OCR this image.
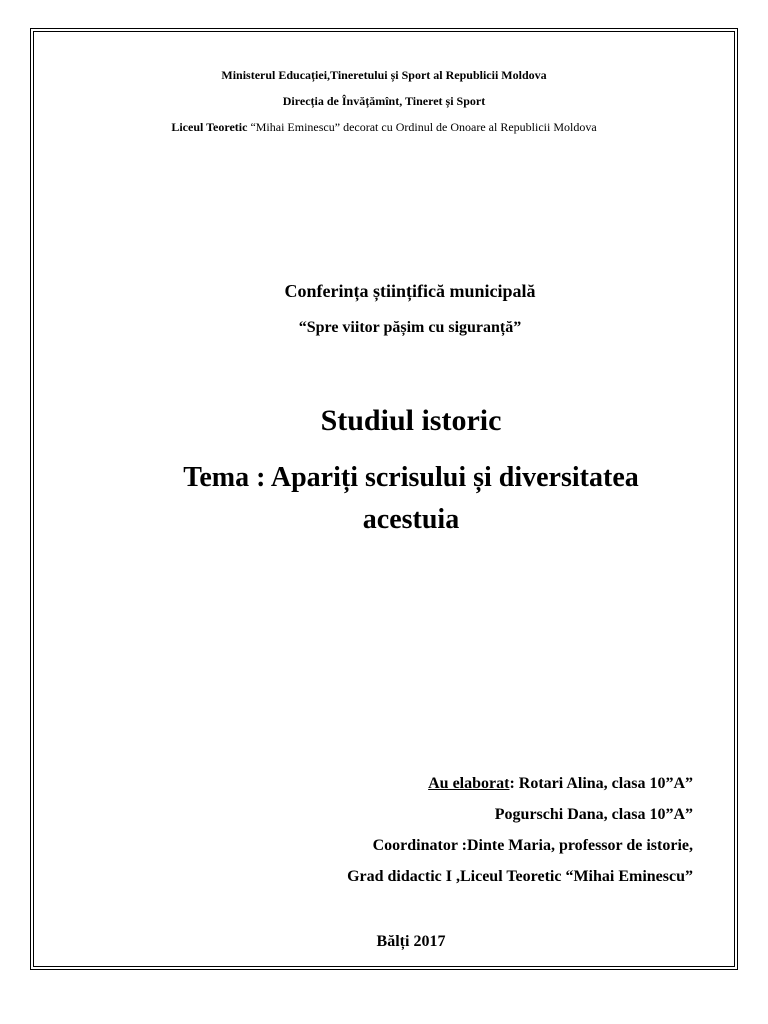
Ministerul Educației,Tineretului și Sport al Republicii Moldova
Direcția de Învățămînt, Tineret și Sport
Liceul Teoretic “Mihai Eminescu” decorat cu Ordinul de Onoare al Republicii Moldova
Conferința științifică municipală
“Spre viitor pășim cu siguranță”
Studiul istoric
Tema : Apariți scrisului și diversitatea
acestuia
Au elaborat: Rotari Alina, clasa 10”A”
Pogurschi Dana, clasa 10”A”
Coordinator :Dinte Maria, professor de istorie,
Grad didactic I ,Liceul Teoretic “Mihai Eminescu”
Bălți 2017
